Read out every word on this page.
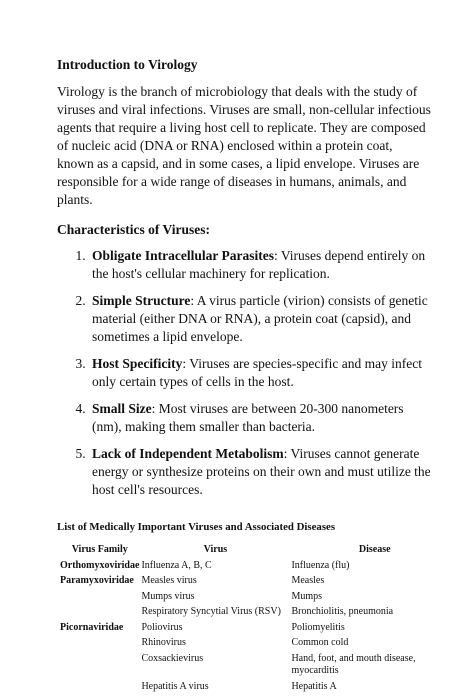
Introduction to Virology

Virology is the branch of microbiology that deals with the study of viruses and viral infections. Viruses are small, non-cellular infectious agents that require a living host cell to replicate. They are composed of nucleic acid (DNA or RNA) enclosed within a protein coat, known as a capsid, and in some cases, a lipid envelope. Viruses are responsible for a wide range of diseases in humans, animals, and plants.

Characteristics of Viruses:
1. Obligate Intracellular Parasites: Viruses depend entirely on the host's cellular machinery for replication.
2. Simple Structure: A virus particle (virion) consists of genetic material (either DNA or RNA), a protein coat (capsid), and sometimes a lipid envelope.
3. Host Specificity: Viruses are species-specific and may infect only certain types of cells in the host.
4. Small Size: Most viruses are between 20-300 nanometers (nm), making them smaller than bacteria.
5. Lack of Independent Metabolism: Viruses cannot generate energy or synthesize proteins on their own and must utilize the host cell's resources.
List of Medically Important Viruses and Associated Diseases
Virus Family	Virus	Disease
Orthomyxoviridae	Influenza A, B, C	Influenza (flu)
Paramyxoviridae	Measles virus	Measles
	Mumps virus	Mumps
	Respiratory Syncytial Virus (RSV)	Bronchiolitis, pneumonia
Picornaviridae	Poliovirus	Poliomyelitis
	Rhinovirus	Common cold
	Coxsackievirus	Hand, foot, and mouth disease, myocarditis
	Hepatitis A virus	Hepatitis A
